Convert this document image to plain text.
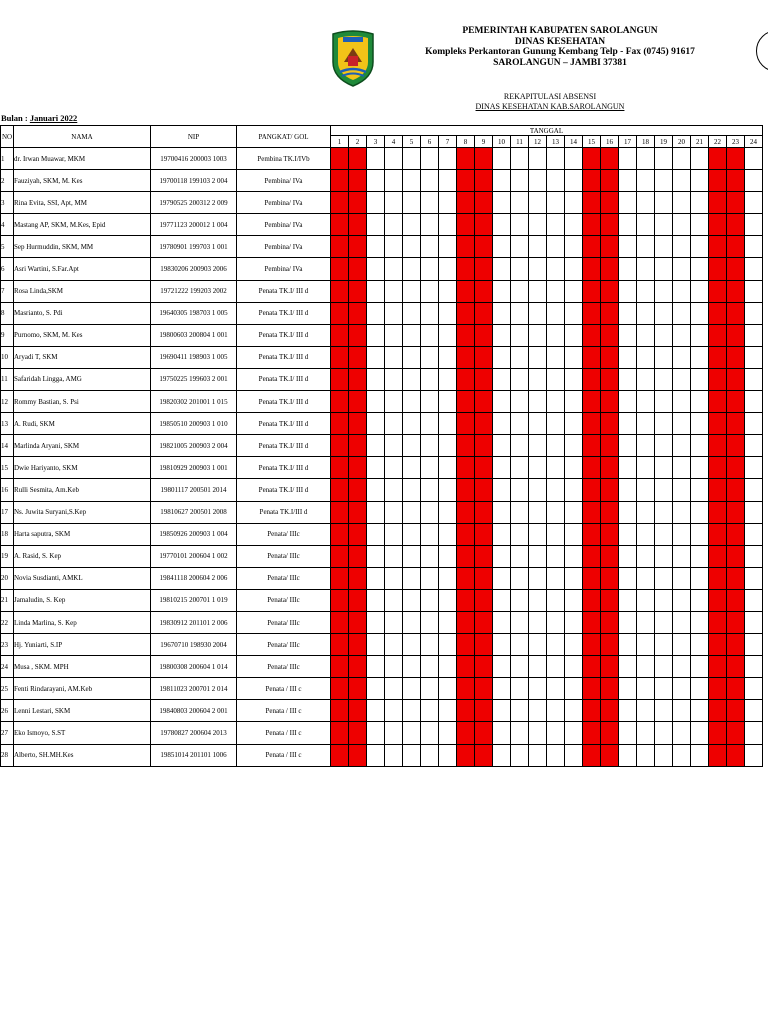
PEMERINTAH KABUPATEN SAROLANGUN
DINAS KESEHATAN
Kompleks Perkantoran Gunung Kembang Telp - Fax (0745) 91617
SAROLANGUN – JAMBI 37381
REKAPITULASI ABSENSI
DINAS KESEHATAN KAB.SAROLANGUN
Bulan : Januari 2022
NO	NAMA	NIP	PANGKAT/ GOL	TANGGAL																							
				1	2	3	4	5	6	7	8	9	10	11	12	13	14	15	16	17	18	19	20	21	22	23	24
1	dr. Irwan Muawar, MKM	19700416 200003 1003	Pembina TK.I/IVb																								
2	Fauziyah, SKM, M. Kes	19700118 199103 2 004	Pembina/ IVa																								
3	Rina Evita, SSI, Apt, MM	19790525 200312 2 009	Pembina/ IVa																								
4	Mastang AP, SKM, M.Kes, Epid	19771123 200012 1 004	Pembina/ IVa																								
5	Sep Hurmuddin, SKM, MM	19780901 199703 1 001	Pembina/ IVa																								
6	Asri Wartini, S.Far.Apt	19830206 200903 2006	Pembina/ IVa																								
7	Rosa Linda,SKM	19721222 199203 2002	Penata TK.I/ III d																								
8	Masrianto, S. Pdi	19640305 198703 1 005	Penata TK.I/ III d																								
9	Purnomo, SKM, M. Kes	19800603 200804 1 001	Penata TK.I/ III d																								
10	Aryadi T, SKM	19690411 198903 1 005	Penata TK.I/ III d																								
11	Safaridah Lingga, AMG	19750225 199603 2 001	Penata TK.I/ III d																								
12	Rommy Bastian, S. Psi	19820302 201001 1 015	Penata TK.I/ III d																								
13	A. Rudi, SKM	19850510 200903 1 010	Penata TK.I/ III d																								
14	Marlinda Aryani, SKM	19821005 200903 2 004	Penata TK.I/ III d																								
15	Dwie Hariyanto, SKM	19810929 200903 1 001	Penata TK.I/ III d																								
16	Rulli Sesmita, Am.Keb	19801117 200501 2014	Penata TK.I/ III d																								
17	Ns. Juwita Suryani,S.Kep	19810627 200501 2008	Penata TK.I/III d																								
18	Harta saputra, SKM	19850926 200903 1 004	Penata/ IIIc																								
19	A. Rasid, S. Kep	19770101 200604 1 002	Penata/ IIIc																								
20	Novia Susdianti, AMKL	19841118 200604 2 006	Penata/ IIIc																								
21	Jamaludin, S. Kep	19810215 200701 1 019	Penata/ IIIc																								
22	Linda Marlina, S. Kep	19830912 201101 2 006	Penata/ IIIc																								
23	Hj. Yuniarti, S.IP	19670710 198930 2004	Penata/ IIIc																								
24	Musa , SKM. MPH	19800308 200604 1 014	Penata/ IIIc																								
25	Fenti Rindarayani, AM.Keb	19811023 200701 2 014	Penata / III c																								
26	Lenni Lestari, SKM	19840803 200604 2 001	Penata / III c																								
27	Eko Ismoyo, S.ST	19780827 200604 2013	Penata / III c																								
28	Alberto, SH.MH.Kes	19851014 201101 1006	Penata / III c																								
